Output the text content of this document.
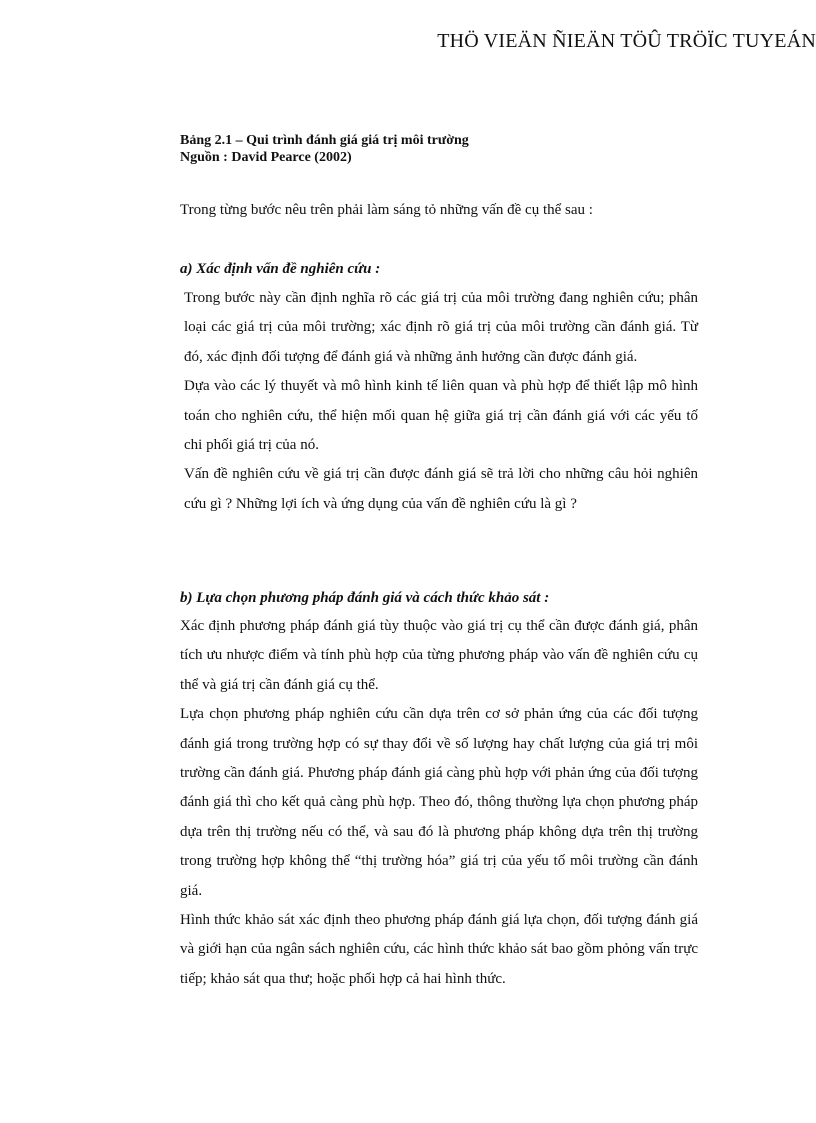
THÖ VIEÄN ÑIEÄN TÖÛ TRÖÏC TUYEÁN
Bảng 2.1 – Qui trình đánh giá giá trị môi trường
Nguồn : David Pearce (2002)
Trong từng bước nêu trên phải làm sáng tỏ những vấn đề cụ thể sau :
a) Xác định vấn đề nghiên cứu :
Trong bước này cần định nghĩa rõ các giá trị của môi trường đang nghiên cứu; phân loại các giá trị của môi trường; xác định rõ giá trị của môi trường cần đánh giá. Từ đó, xác định đối tượng để đánh giá và những ảnh hưởng cần được đánh giá.
Dựa vào các lý thuyết và mô hình kinh tế liên quan và phù hợp để thiết lập mô hình toán cho nghiên cứu, thể hiện mối quan hệ giữa giá trị cần đánh giá với các yếu tố chi phối giá trị của nó.
Vấn đề nghiên cứu về giá trị cần được đánh giá sẽ trả lời cho những câu hỏi nghiên cứu gì ? Những lợi ích và ứng dụng của vấn đề nghiên cứu là gì ?
b) Lựa chọn phương pháp đánh giá và cách thức khảo sát :
Xác định phương pháp đánh giá tùy thuộc vào giá trị cụ thể cần được đánh giá, phân tích ưu nhược điểm và tính phù hợp của từng phương pháp vào vấn đề nghiên cứu cụ thể và giá trị cần đánh giá cụ thể.
Lựa chọn phương pháp nghiên cứu cần dựa trên cơ sở phản ứng của các đối tượng đánh giá trong trường hợp có sự thay đổi về số lượng hay chất lượng của giá trị môi trường cần đánh giá. Phương pháp đánh giá càng phù hợp với phản ứng của đối tượng đánh giá thì cho kết quả càng phù hợp. Theo đó, thông thường lựa chọn phương pháp dựa trên thị trường nếu có thể, và sau đó là phương pháp không dựa trên thị trường trong trường hợp không thể “thị trường hóa” giá trị của yếu tố môi trường cần đánh giá.
Hình thức khảo sát xác định theo phương pháp đánh giá lựa chọn, đối tượng đánh giá và giới hạn của ngân sách nghiên cứu, các hình thức khảo sát bao gồm phỏng vấn trực tiếp; khảo sát qua thư; hoặc phối hợp cả hai hình thức.
